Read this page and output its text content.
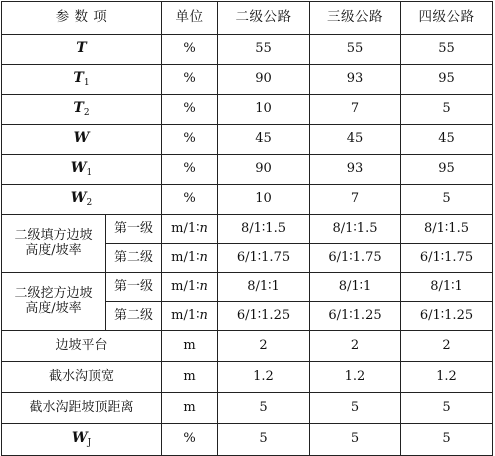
参 数 项		单位	二级公路	三级公路	四级公路
T		%	55	55	55
$T_1$		%	90	93	95
$T_2$		%	10	7	5
W		%	45	45	45
$W_1$		%	90	93	95
$W_2$		%	10	7	5
二级填方边坡
高度/坡率	第一级	m/1∶n	8/1∶1.5	8/1∶1.5	8/1∶1.5
	第二级	m/1∶n	6/1∶1.75	6/1∶1.75	6/1∶1.75
二级挖方边坡
高度/坡率	第一级	m/1∶n	8/1∶1	8/1∶1	8/1∶1
	第二级	m/1∶n	6/1∶1.25	6/1∶1.25	6/1∶1.25
边坡平台		m	2	2	2
截水沟顶宽		m	1.2	1.2	1.2
截水沟距坡顶距离		m	5	5	5
$W_J$		%	5	5	5
